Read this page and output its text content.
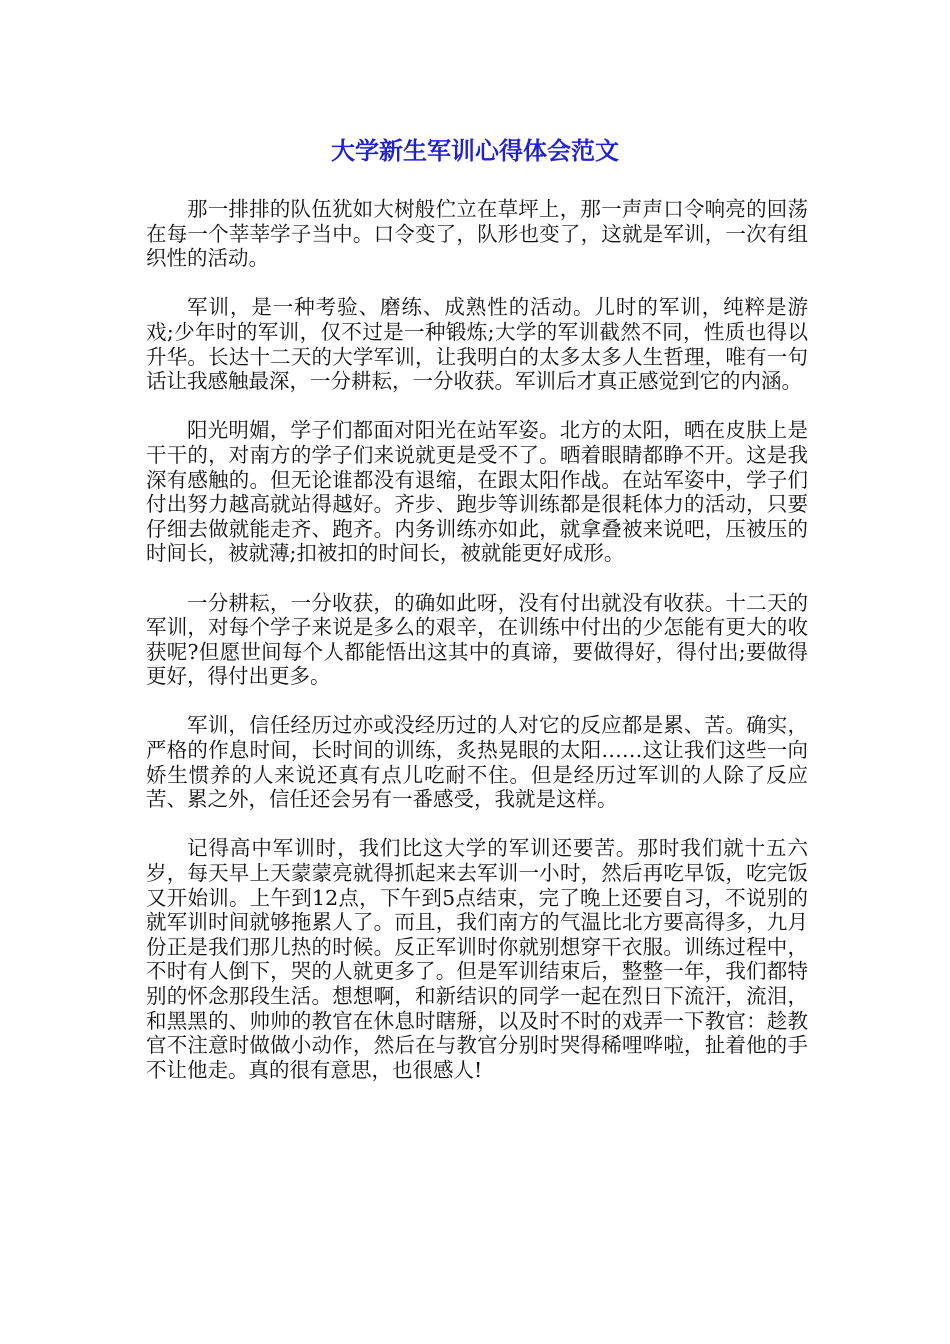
大学新生军训心得体会范文

那一排排的队伍犹如大树般伫立在草坪上，那一声声口令响亮的回荡在每一个莘莘学子当中。口令变了，队形也变了，这就是军训，一次有组织性的活动。

军训，是一种考验、磨练、成熟性的活动。儿时的军训，纯粹是游戏;少年时的军训，仅不过是一种锻炼;大学的军训截然不同，性质也得以升华。长达十二天的大学军训，让我明白的太多太多人生哲理，唯有一句话让我感触最深，一分耕耘，一分收获。军训后才真正感觉到它的内涵。

阳光明媚，学子们都面对阳光在站军姿。北方的太阳，晒在皮肤上是干干的，对南方的学子们来说就更是受不了。晒着眼睛都睁不开。这是我深有感触的。但无论谁都没有退缩，在跟太阳作战。在站军姿中，学子们付出努力越高就站得越好。齐步、跑步等训练都是很耗体力的活动，只要仔细去做就能走齐、跑齐。内务训练亦如此，就拿叠被来说吧，压被压的时间长，被就薄;扣被扣的时间长，被就能更好成形。

一分耕耘，一分收获，的确如此呀，没有付出就没有收获。十二天的军训，对每个学子来说是多么的艰辛，在训练中付出的少怎能有更大的收获呢?但愿世间每个人都能悟出这其中的真谛，要做得好，得付出;要做得更好，得付出更多。

军训，信任经历过亦或没经历过的人对它的反应都是累、苦。确实，严格的作息时间，长时间的训练，炙热晃眼的太阳……这让我们这些一向娇生惯养的人来说还真有点儿吃耐不住。但是经历过军训的人除了反应苦、累之外，信任还会另有一番感受，我就是这样。

记得高中军训时，我们比这大学的军训还要苦。那时我们就十五六岁，每天早上天蒙蒙亮就得抓起来去军训一小时，然后再吃早饭，吃完饭又开始训。上午到12点，下午到5点结束，完了晚上还要自习，不说别的就军训时间就够拖累人了。而且，我们南方的气温比北方要高得多，九月份正是我们那儿热的时候。反正军训时你就别想穿干衣服。训练过程中，不时有人倒下，哭的人就更多了。但是军训结束后，整整一年，我们都特别的怀念那段生活。想想啊，和新结识的同学一起在烈日下流汗，流泪，和黑黑的、帅帅的教官在休息时瞎掰，以及时不时的戏弄一下教官：趁教官不注意时做做小动作，然后在与教官分别时哭得稀哩哗啦，扯着他的手不让他走。真的很有意思，也很感人!
